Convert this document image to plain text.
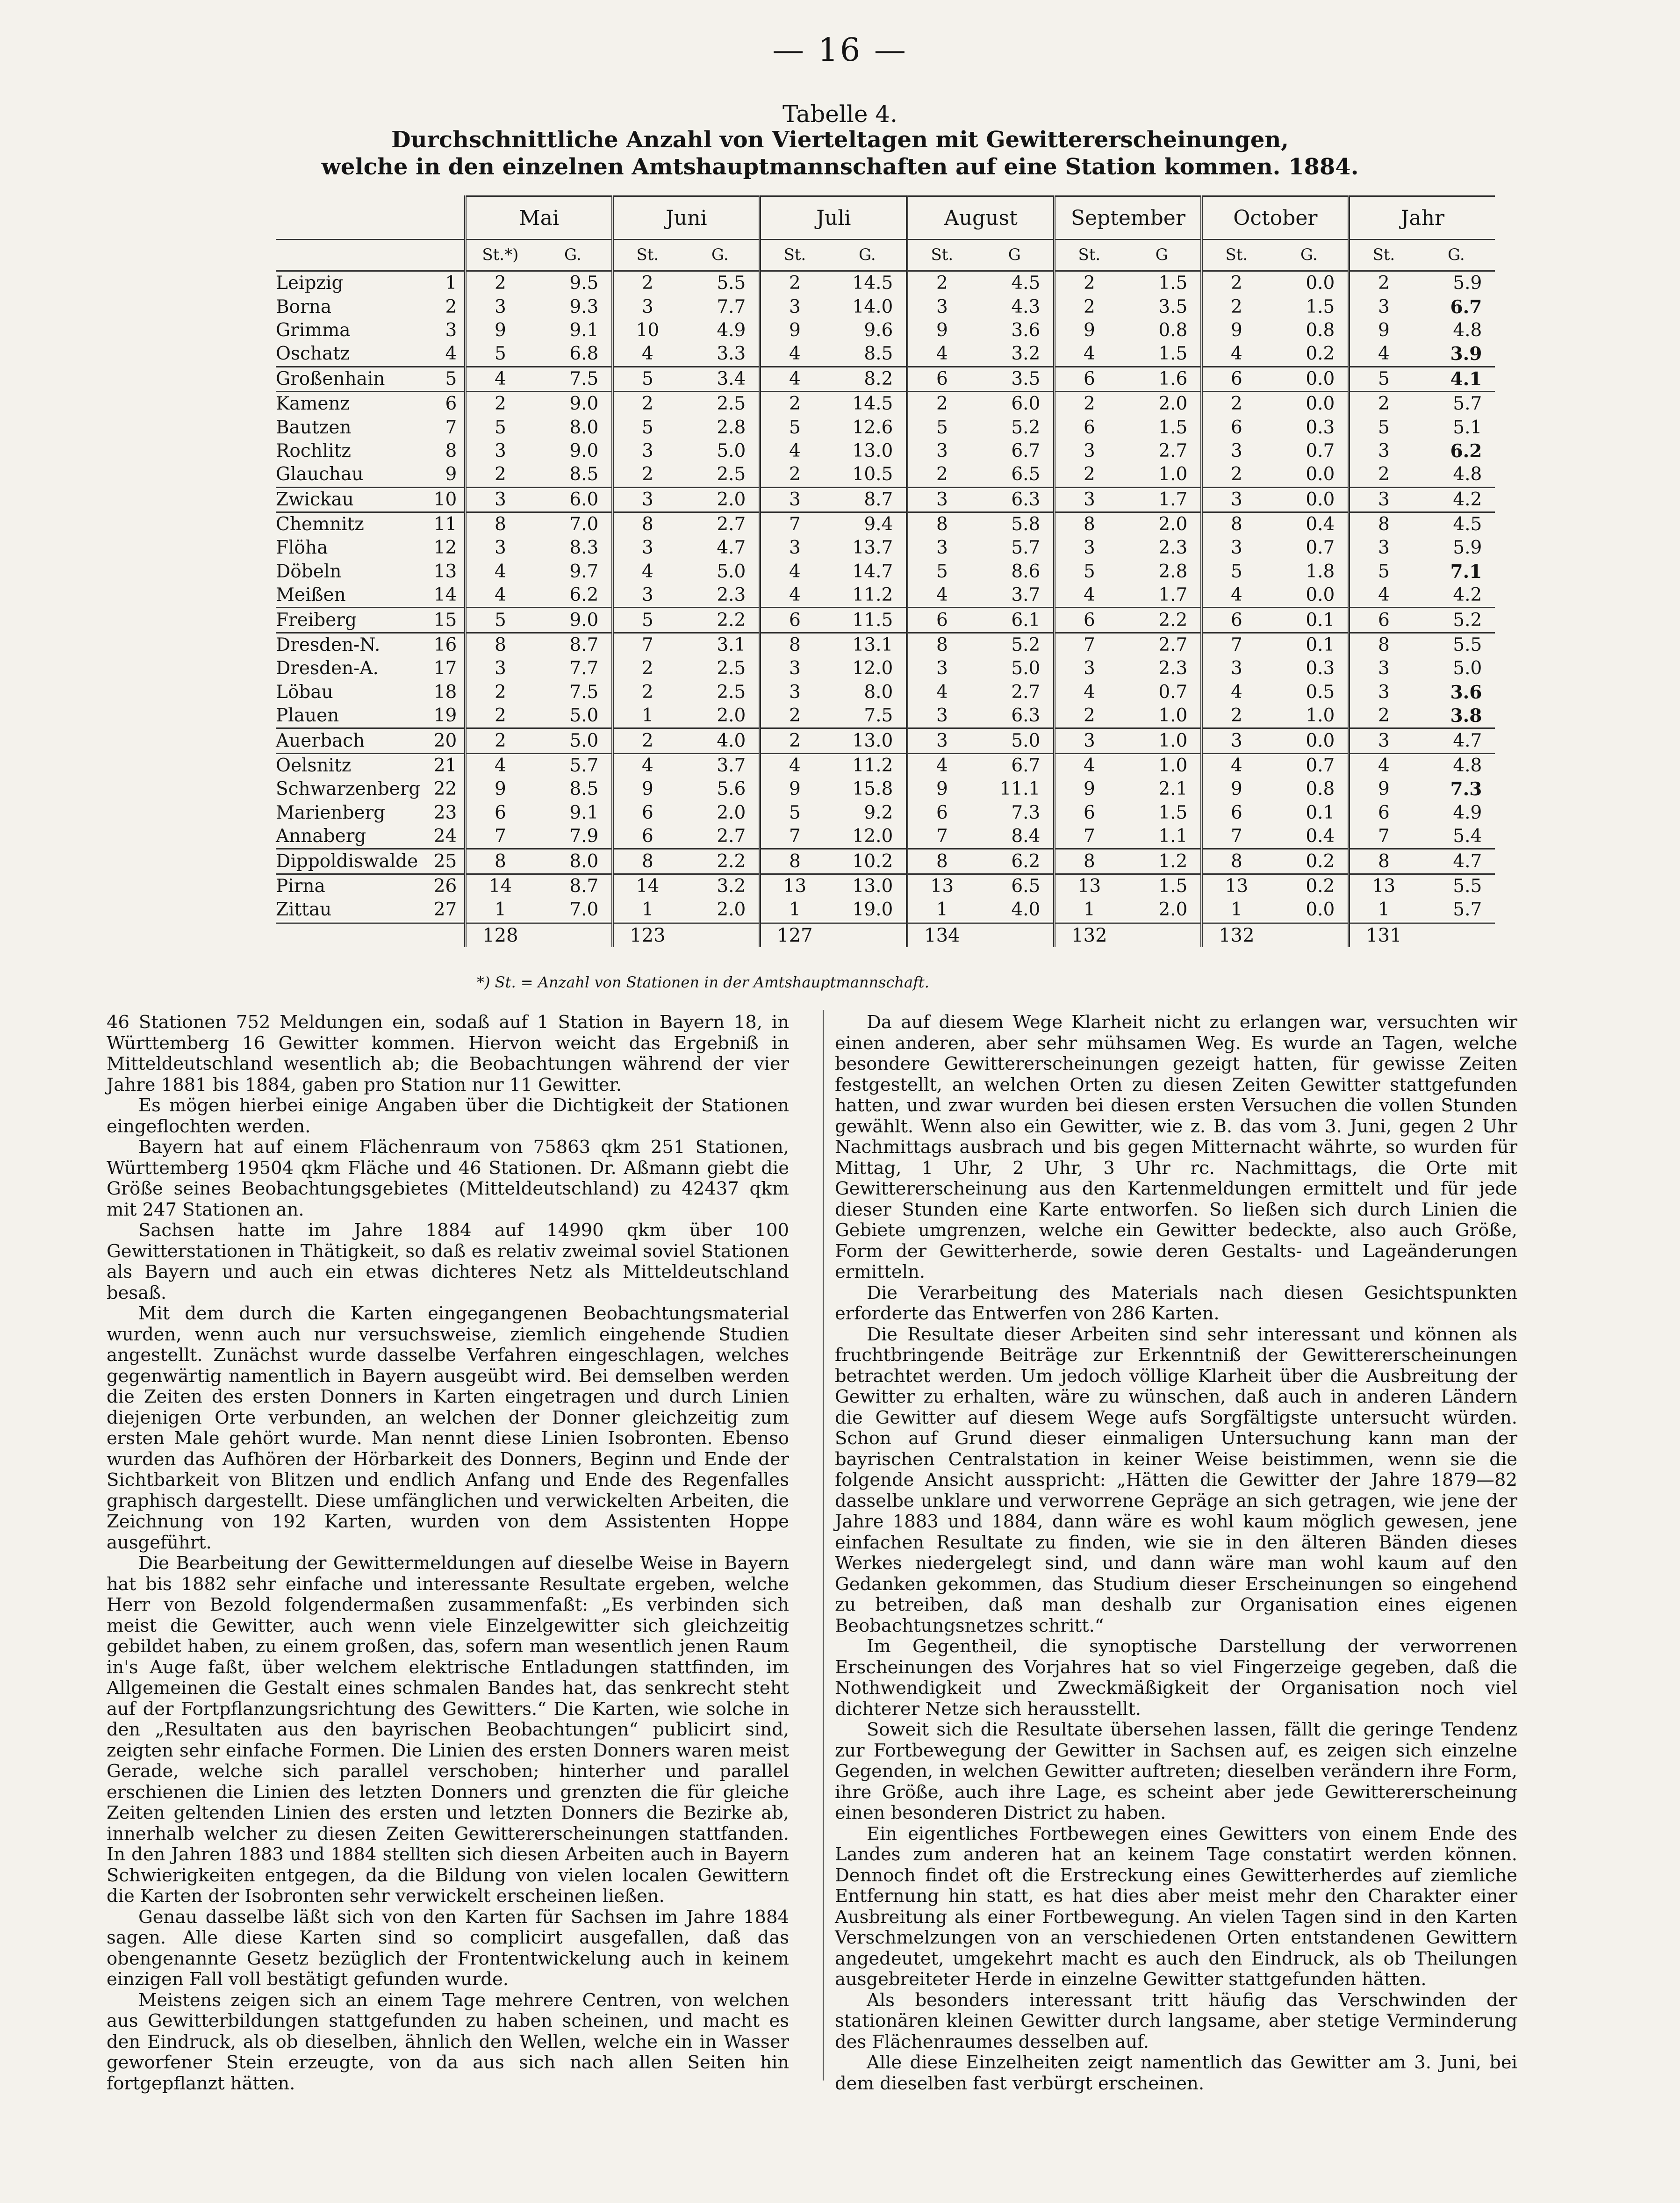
— 16 —
Tabelle 4.
Durchschnittliche Anzahl von Vierteltagen mit Gewittererscheinungen,
welche in den einzelnen Amtshauptmannschaften auf eine Station kommen. 1884.
		Mai		Juni		Juli		August		September		October		Jahr	
		St.*)	G.	St.	G.	St.	G.	St.	G	St.	G	St.	G.	St.	G.
Leipzig	1	2	9.5	2	5.5	2	14.5	2	4.5	2	1.5	2	0.0	2	5.9
Borna	2	3	9.3	3	7.7	3	14.0	3	4.3	2	3.5	2	1.5	3	6.7
Grimma	3	9	9.1	10	4.9	9	9.6	9	3.6	9	0.8	9	0.8	9	4.8
Oschatz	4	5	6.8	4	3.3	4	8.5	4	3.2	4	1.5	4	0.2	4	3.9
Großenhain	5	4	7.5	5	3.4	4	8.2	6	3.5	6	1.6	6	0.0	5	4.1
Kamenz	6	2	9.0	2	2.5	2	14.5	2	6.0	2	2.0	2	0.0	2	5.7
Bautzen	7	5	8.0	5	2.8	5	12.6	5	5.2	6	1.5	6	0.3	5	5.1
Rochlitz	8	3	9.0	3	5.0	4	13.0	3	6.7	3	2.7	3	0.7	3	6.2
Glauchau	9	2	8.5	2	2.5	2	10.5	2	6.5	2	1.0	2	0.0	2	4.8
Zwickau	10	3	6.0	3	2.0	3	8.7	3	6.3	3	1.7	3	0.0	3	4.2
Chemnitz	11	8	7.0	8	2.7	7	9.4	8	5.8	8	2.0	8	0.4	8	4.5
Flöha	12	3	8.3	3	4.7	3	13.7	3	5.7	3	2.3	3	0.7	3	5.9
Döbeln	13	4	9.7	4	5.0	4	14.7	5	8.6	5	2.8	5	1.8	5	7.1
Meißen	14	4	6.2	3	2.3	4	11.2	4	3.7	4	1.7	4	0.0	4	4.2
Freiberg	15	5	9.0	5	2.2	6	11.5	6	6.1	6	2.2	6	0.1	6	5.2
Dresden-N.	16	8	8.7	7	3.1	8	13.1	8	5.2	7	2.7	7	0.1	8	5.5
Dresden-A.	17	3	7.7	2	2.5	3	12.0	3	5.0	3	2.3	3	0.3	3	5.0
Löbau	18	2	7.5	2	2.5	3	8.0	4	2.7	4	0.7	4	0.5	3	3.6
Plauen	19	2	5.0	1	2.0	2	7.5	3	6.3	2	1.0	2	1.0	2	3.8
Auerbach	20	2	5.0	2	4.0	2	13.0	3	5.0	3	1.0	3	0.0	3	4.7
Oelsnitz	21	4	5.7	4	3.7	4	11.2	4	6.7	4	1.0	4	0.7	4	4.8
Schwarzenberg	22	9	8.5	9	5.6	9	15.8	9	11.1	9	2.1	9	0.8	9	7.3
Marienberg	23	6	9.1	6	2.0	5	9.2	6	7.3	6	1.5	6	0.1	6	4.9
Annaberg	24	7	7.9	6	2.7	7	12.0	7	8.4	7	1.1	7	0.4	7	5.4
Dippoldiswalde	25	8	8.0	8	2.2	8	10.2	8	6.2	8	1.2	8	0.2	8	4.7
Pirna	26	14	8.7	14	3.2	13	13.0	13	6.5	13	1.5	13	0.2	13	5.5
Zittau	27	1	7.0	1	2.0	1	19.0	1	4.0	1	2.0	1	0.0	1	5.7
		128		123		127		134		132		132		131	
*) St. = Anzahl von Stationen in der Amtshauptmannschaft.

46 Stationen 752 Meldungen ein, sodaß auf 1 Station in Bayern 18, in Württemberg 16 Gewitter kommen. Hiervon weicht das Ergebniß in Mitteldeutschland wesentlich ab; die Beobachtungen während der vier Jahre 1881 bis 1884, gaben pro Station nur 11 Gewitter.

Es mögen hierbei einige Angaben über die Dichtigkeit der Stationen eingeflochten werden.

Bayern hat auf einem Flächenraum von 75863 qkm 251 Stationen, Württemberg 19504 qkm Fläche und 46 Stationen. Dr. Aßmann giebt die Größe seines Beobachtungsgebietes (Mitteldeutschland) zu 42437 qkm mit 247 Stationen an.

Sachsen hatte im Jahre 1884 auf 14990 qkm über 100 Gewitterstationen in Thätigkeit, so daß es relativ zweimal soviel Stationen als Bayern und auch ein etwas dichteres Netz als Mitteldeutschland besaß.

Mit dem durch die Karten eingegangenen Beobachtungsmaterial wurden, wenn auch nur versuchsweise, ziemlich eingehende Studien angestellt. Zunächst wurde dasselbe Verfahren eingeschlagen, welches gegenwärtig namentlich in Bayern ausgeübt wird. Bei demselben werden die Zeiten des ersten Donners in Karten eingetragen und durch Linien diejenigen Orte verbunden, an welchen der Donner gleichzeitig zum ersten Male gehört wurde. Man nennt diese Linien Isobronten. Ebenso wurden das Aufhören der Hörbarkeit des Donners, Beginn und Ende der Sichtbarkeit von Blitzen und endlich Anfang und Ende des Regenfalles graphisch dargestellt. Diese umfänglichen und verwickelten Arbeiten, die Zeichnung von 192 Karten, wurden von dem Assistenten Hoppe ausgeführt.

Die Bearbeitung der Gewittermeldungen auf dieselbe Weise in Bayern hat bis 1882 sehr einfache und interessante Resultate ergeben, welche Herr von Bezold folgendermaßen zusammenfaßt: „Es verbinden sich meist die Gewitter, auch wenn viele Einzelgewitter sich gleichzeitig gebildet haben, zu einem großen, das, sofern man wesentlich jenen Raum in's Auge faßt, über welchem elektrische Entladungen stattfinden, im Allgemeinen die Gestalt eines schmalen Bandes hat, das senkrecht steht auf der Fortpflanzungsrichtung des Gewitters.“ Die Karten, wie solche in den „Resultaten aus den bayrischen Beobachtungen“ publicirt sind, zeigten sehr einfache Formen. Die Linien des ersten Donners waren meist Gerade, welche sich parallel verschoben; hinterher und parallel erschienen die Linien des letzten Donners und grenzten die für gleiche Zeiten geltenden Linien des ersten und letzten Donners die Bezirke ab, innerhalb welcher zu diesen Zeiten Gewittererscheinungen stattfanden. In den Jahren 1883 und 1884 stellten sich diesen Arbeiten auch in Bayern Schwierigkeiten entgegen, da die Bildung von vielen localen Gewittern die Karten der Isobronten sehr verwickelt erscheinen ließen.

Genau dasselbe läßt sich von den Karten für Sachsen im Jahre 1884 sagen. Alle diese Karten sind so complicirt ausgefallen, daß das obengenannte Gesetz bezüglich der Frontentwickelung auch in keinem einzigen Fall voll bestätigt gefunden wurde.

Meistens zeigen sich an einem Tage mehrere Centren, von welchen aus Gewitterbildungen stattgefunden zu haben scheinen, und macht es den Eindruck, als ob dieselben, ähnlich den Wellen, welche ein in Wasser geworfener Stein erzeugte, von da aus sich nach allen Seiten hin fortgepflanzt hätten.

Da auf diesem Wege Klarheit nicht zu erlangen war, versuchten wir einen anderen, aber sehr mühsamen Weg. Es wurde an Tagen, welche besondere Gewittererscheinungen gezeigt hatten, für gewisse Zeiten festgestellt, an welchen Orten zu diesen Zeiten Gewitter stattgefunden hatten, und zwar wurden bei diesen ersten Versuchen die vollen Stunden gewählt. Wenn also ein Gewitter, wie z. B. das vom 3. Juni, gegen 2 Uhr Nachmittags ausbrach und bis gegen Mitternacht währte, so wurden für Mittag, 1 Uhr, 2 Uhr, 3 Uhr rc. Nachmittags, die Orte mit Gewittererscheinung aus den Kartenmeldungen ermittelt und für jede dieser Stunden eine Karte entworfen. So ließen sich durch Linien die Gebiete umgrenzen, welche ein Gewitter bedeckte, also auch Größe, Form der Gewitterherde, sowie deren Gestalts- und Lageänderungen ermitteln.

Die Verarbeitung des Materials nach diesen Gesichtspunkten erforderte das Entwerfen von 286 Karten.

Die Resultate dieser Arbeiten sind sehr interessant und können als fruchtbringende Beiträge zur Erkenntniß der Gewittererscheinungen betrachtet werden. Um jedoch völlige Klarheit über die Ausbreitung der Gewitter zu erhalten, wäre zu wünschen, daß auch in anderen Ländern die Gewitter auf diesem Wege aufs Sorgfältigste untersucht würden. Schon auf Grund dieser einmaligen Untersuchung kann man der bayrischen Centralstation in keiner Weise beistimmen, wenn sie die folgende Ansicht ausspricht: „Hätten die Gewitter der Jahre 1879—82 dasselbe unklare und verworrene Gepräge an sich getragen, wie jene der Jahre 1883 und 1884, dann wäre es wohl kaum möglich gewesen, jene einfachen Resultate zu finden, wie sie in den älteren Bänden dieses Werkes niedergelegt sind, und dann wäre man wohl kaum auf den Gedanken gekommen, das Studium dieser Erscheinungen so eingehend zu betreiben, daß man deshalb zur Organisation eines eigenen Beobachtungsnetzes schritt.“

Im Gegentheil, die synoptische Darstellung der verworrenen Erscheinungen des Vorjahres hat so viel Fingerzeige gegeben, daß die Nothwendigkeit und Zweckmäßigkeit der Organisation noch viel dichterer Netze sich herausstellt.

Soweit sich die Resultate übersehen lassen, fällt die geringe Tendenz zur Fortbewegung der Gewitter in Sachsen auf, es zeigen sich einzelne Gegenden, in welchen Gewitter auftreten; dieselben verändern ihre Form, ihre Größe, auch ihre Lage, es scheint aber jede Gewittererscheinung einen besonderen District zu haben.

Ein eigentliches Fortbewegen eines Gewitters von einem Ende des Landes zum anderen hat an keinem Tage constatirt werden können. Dennoch findet oft die Erstreckung eines Gewitterherdes auf ziemliche Entfernung hin statt, es hat dies aber meist mehr den Charakter einer Ausbreitung als einer Fortbewegung. An vielen Tagen sind in den Karten Verschmelzungen von an verschiedenen Orten entstandenen Gewittern angedeutet, umgekehrt macht es auch den Eindruck, als ob Theilungen ausgebreiteter Herde in einzelne Gewitter stattgefunden hätten.

Als besonders interessant tritt häufig das Verschwinden der stationären kleinen Gewitter durch langsame, aber stetige Verminderung des Flächenraumes desselben auf.

Alle diese Einzelheiten zeigt namentlich das Gewitter am 3. Juni, bei dem dieselben fast verbürgt erscheinen.
